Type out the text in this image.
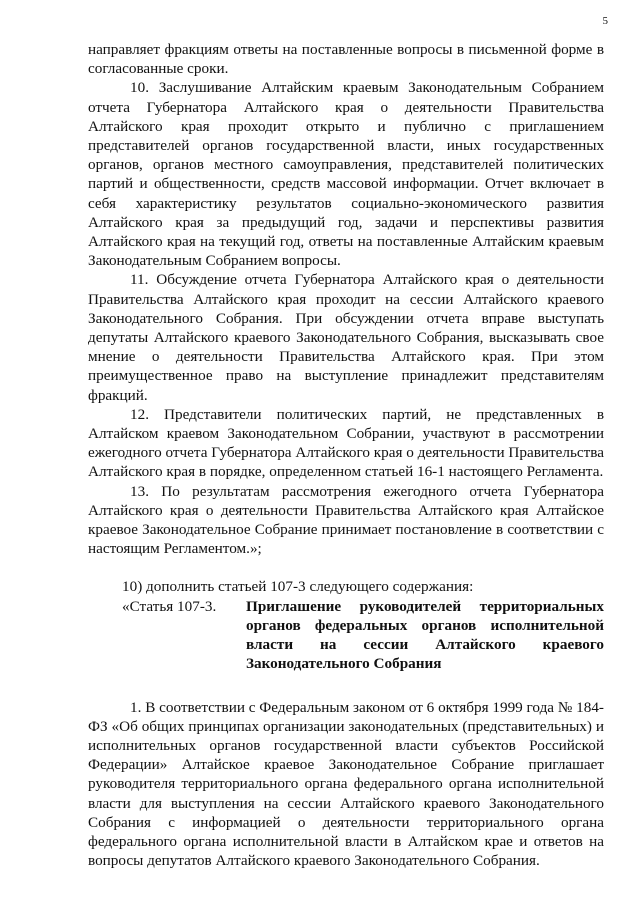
5

направляет фракциям ответы на поставленные вопросы в письменной форме в согласованные сроки.

10. Заслушивание Алтайским краевым Законодательным Собранием отчета Губернатора Алтайского края о деятельности Правительства Алтайского края проходит открыто и публично с приглашением представителей органов государственной власти, иных государственных органов, органов местного самоуправления, представителей политических партий и общественности, средств массовой информации. Отчет включает в себя характеристику результатов социально-экономического развития Алтайского края за предыдущий год, задачи и перспективы развития Алтайского края на текущий год, ответы на поставленные Алтайским краевым Законодательным Собранием вопросы.

11. Обсуждение отчета Губернатора Алтайского края о деятельности Правительства Алтайского края проходит на сессии Алтайского краевого Законодательного Собрания. При обсуждении отчета вправе выступать депутаты Алтайского краевого Законодательного Собрания, высказывать свое мнение о деятельности Правительства Алтайского края. При этом преимущественное право на выступление принадлежит представителям фракций.

12. Представители политических партий, не представленных в Алтайском краевом Законодательном Собрании, участвуют в рассмотрении ежегодного отчета Губернатора Алтайского края о деятельности Правительства Алтайского края в порядке, определенном статьей 16-1 настоящего Регламента.

13. По результатам рассмотрения ежегодного отчета Губернатора Алтайского края о деятельности Правительства Алтайского края Алтайское краевое Законодательное Собрание принимает постановление в соответствии с настоящим Регламентом.»;

10) дополнить статьей 107-3 следующего содержания:

«Статья 107-3.	Приглашение руководителей территориальных органов федеральных органов исполнительной власти на сессии Алтайского краевого Законодательного Собрания

1. В соответствии с Федеральным законом от 6 октября 1999 года № 184-ФЗ «Об общих принципах организации законодательных (представительных) и исполнительных органов государственной власти субъектов Российской Федерации» Алтайское краевое Законодательное Собрание приглашает руководителя территориального органа федерального органа исполнительной власти для выступления на сессии Алтайского краевого Законодательного Собрания с информацией о деятельности территориального органа федерального органа исполнительной власти в Алтайском крае и ответов на вопросы депутатов Алтайского краевого Законодательного Собрания.
